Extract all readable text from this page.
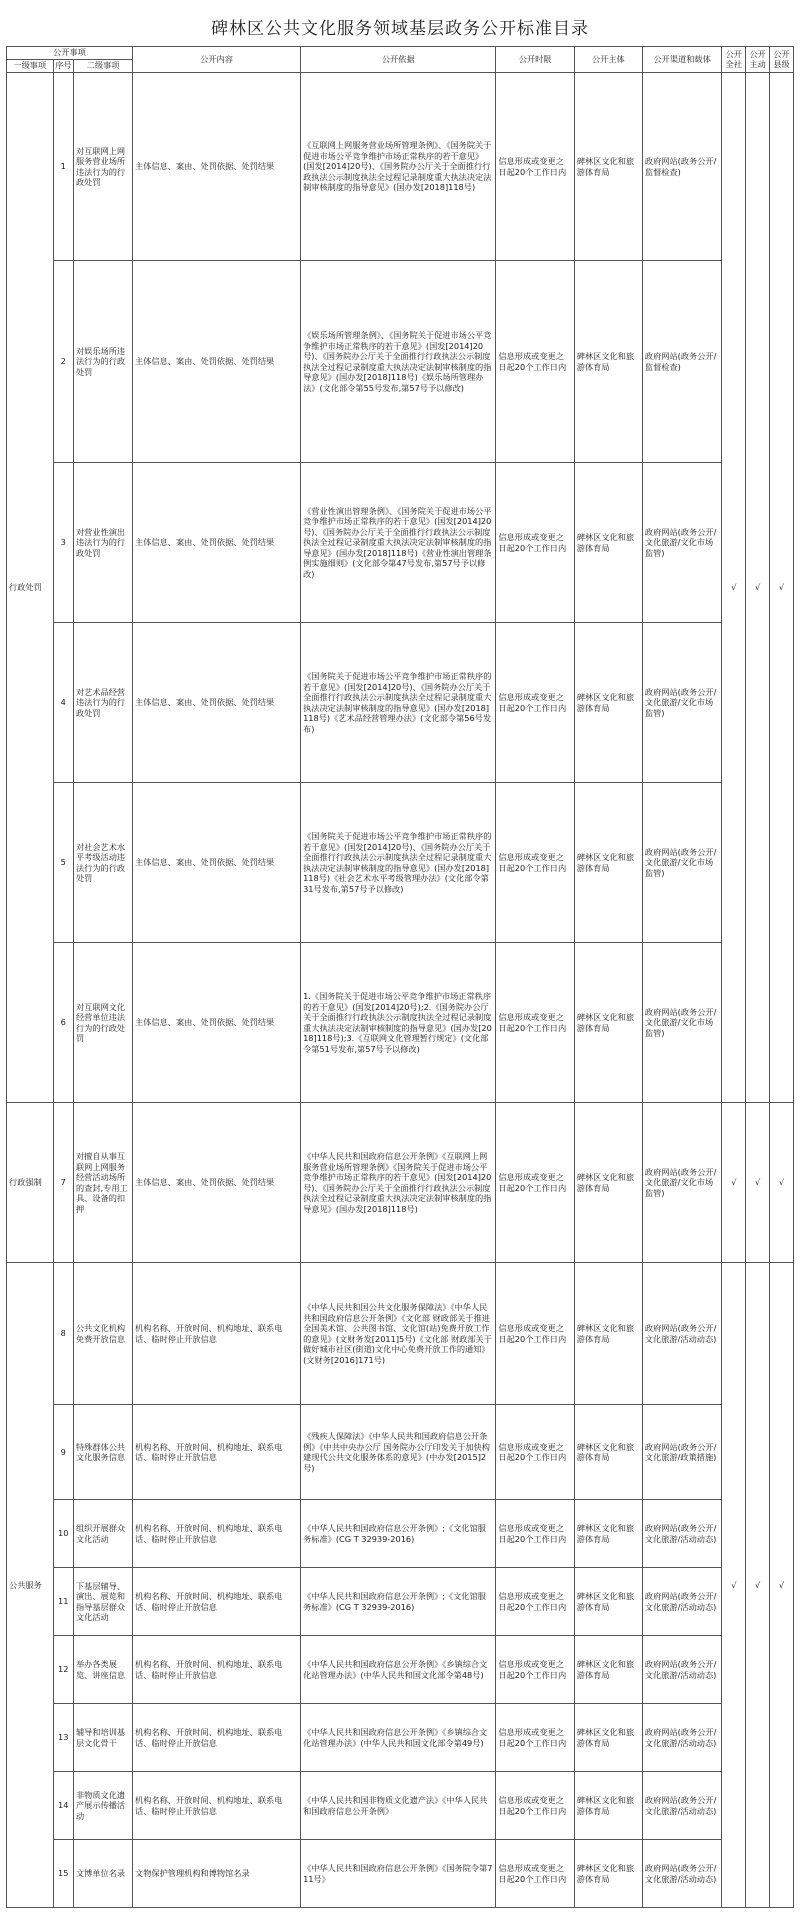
碑林区公共文化服务领域基层政务公开标准目录
公开事项			公开内容	公开依据	公开时限	公开主体	公开渠道和载体	公开全社	公开主动	公开县级
一级事项	序号	二级事项								
行政处罚	1	对互联网上网服务营业场所违法行为的行政处罚	主体信息、案由、处罚依据、处罚结果	《互联网上网服务营业场所管理条例》、《国务院关于促进市场公平竞争维护市场正常秩序的若干意见》(国发[2014]20号)、《国务院办公厅关于全面推行行政执法公示制度执法全过程记录制度重大执法决定法制审核制度的指导意见》(国办发[2018]118号)	信息形成或变更之日起20个工作日内	碑林区文化和旅游体育局	政府网站(政务公开/监督检查)	√	√	√
	2	对娱乐场所违法行为的行政处罚	主体信息、案由、处罚依据、处罚结果	《娱乐场所管理条例》、《国务院关于促进市场公平竞争维护市场正常秩序的若干意见》(国发[2014]20号)、《国务院办公厅关于全面推行行政执法公示制度执法全过程记录制度重大执法决定法制审核制度的指导意见》(国办发[2018]118号)《娱乐场所管理办法》(文化部令第55号发布,第57号予以修改)	信息形成或变更之日起20个工作日内	碑林区文化和旅游体育局	政府网站(政务公开/监督检查)			
	3	对营业性演出违法行为的行政处罚	主体信息、案由、处罚依据、处罚结果	《营业性演出管理条例》、《国务院关于促进市场公平竞争维护市场正常秩序的若干意见》(国发[2014]20号)、《国务院办公厅关于全面推行行政执法公示制度执法全过程记录制度重大执法决定法制审核制度的指导意见》(国办发[2018]118号)《营业性演出管理条例实施细则》(文化部令第47号发布,第57号予以修改)	信息形成或变更之日起20个工作日内	碑林区文化和旅游体育局	政府网站(政务公开/文化旅游/文化市场监管)			
	4	对艺术品经营违法行为的行政处罚	主体信息、案由、处罚依据、处罚结果	《国务院关于促进市场公平竞争维护市场正常秩序的若干意见》(国发[2014]20号)、《国务院办公厅关于全面推行行政执法公示制度执法全过程记录制度重大执法决定法制审核制度的指导意见》(国办发[2018]118号)《艺术品经营管理办法》(文化部令第56号发布)	信息形成或变更之日起20个工作日内	碑林区文化和旅游体育局	政府网站(政务公开/文化旅游/文化市场监管)			
	5	对社会艺术水平考级活动违法行为的行政处罚	主体信息、案由、处罚依据、处罚结果	《国务院关于促进市场公平竞争维护市场正常秩序的若干意见》(国发[2014]20号)、《国务院办公厅关于全面推行行政执法公示制度执法全过程记录制度重大执法决定法制审核制度的指导意见》(国办发[2018]118号)《社会艺术水平考级管理办法》(文化部令第31号发布,第57号予以修改)	信息形成或变更之日起20个工作日内	碑林区文化和旅游体育局	政府网站(政务公开/文化旅游/文化市场监管)			
	6	对互联网文化经营单位违法行为的行政处罚	主体信息、案由、处罚依据、处罚结果	1.《国务院关于促进市场公平竞争维护市场正常秩序的若干意见》(国发[2014]20号);2.《国务院办公厅关于全面推行行政执法公示制度执法全过程记录制度重大执法决定法制审核制度的指导意见》(国办发[2018]118号);3.《互联网文化管理暂行规定》(文化部令第51号发布,第57号予以修改)	信息形成或变更之日起20个工作日内	碑林区文化和旅游体育局	政府网站(政务公开/文化旅游/文化市场监管)			
行政强制	7	对擅自从事互联网上网服务经营活动场所的查封,专用工具、设备的扣押	主体信息、案由、处罚依据、处罚结果	《中华人民共和国政府信息公开条例》《互联网上网服务营业场所管理条例》《国务院关于促进市场公平竞争维护市场正常秩序的若干意见》(国发[2014]20号)、《国务院办公厅关于全面推行行政执法公示制度执法全过程记录制度重大执法决定法制审核制度的指导意见》(国办发[2018]118号)	信息形成或变更之日起20个工作日内	碑林区文化和旅游体育局	政府网站(政务公开/文化旅游/文化市场监管)	√	√	√
公共服务	8	公共文化机构免费开放信息	机构名称、开放时间、机构地址、联系电话、临时停止开放信息	《中华人民共和国公共文化服务保障法》《中华人民共和国政府信息公开条例》《文化部 财政部关于推进全国美术馆、公共图书馆、文化馆(站)免费开放工作的意见》(文财务发[2011]5号)《文化部 财政部关于做好城市社区(街道)文化中心免费开放工作的通知》(文财务[2016]171号)	信息形成或变更之日起20个工作日内	碑林区文化和旅游体育局	政府网站(政务公开/文化旅游/活动动态)	√	√	√
	9	特殊群体公共文化服务信息	机构名称、开放时间、机构地址、联系电话、临时停止开放信息	《残疾人保障法》《中华人民共和国政府信息公开条例》《中共中央办公厅 国务院办公厅印发关于加快构建现代公共文化服务体系的意见》(中办发[2015]2号)	信息形成或变更之日起20个工作日内	碑林区文化和旅游体育局	政府网站(政务公开/文化旅游/政策措施)			
	10	组织开展群众文化活动	机构名称、开放时间、机构地址、联系电话、临时停止开放信息	《中华人民共和国政府信息公开条例》;《文化馆服务标准》(CG T 32939-2016)	信息形成或变更之日起20个工作日内	碑林区文化和旅游体育局	政府网站(政务公开/文化旅游/活动动态)			
	11	下基层辅导、演出、展览和指导基层群众文化活动	机构名称、开放时间、机构地址、联系电话、临时停止开放信息	《中华人民共和国政府信息公开条例》;《文化馆服务标准》(CG T 32939-2016)	信息形成或变更之日起20个工作日内	碑林区文化和旅游体育局	政府网站(政务公开/文化旅游/活动动态)			
	12	举办各类展览、讲座信息	机构名称、开放时间、机构地址、联系电话、临时停止开放信息	《中华人民共和国政府信息公开条例》《乡镇综合文化站管理办法》(中华人民共和国文化部令第48号)	信息形成或变更之日起20个工作日内	碑林区文化和旅游体育局	政府网站(政务公开/文化旅游/活动动态)			
	13	辅导和培训基层文化骨干	机构名称、开放时间、机构地址、联系电话、临时停止开放信息	《中华人民共和国政府信息公开条例》《乡镇综合文化站管理办法》(中华人民共和国文化部令第49号)	信息形成或变更之日起20个工作日内	碑林区文化和旅游体育局	政府网站(政务公开/文化旅游/活动动态)			
	14	非物质文化遗产展示传播活动	机构名称、开放时间、机构地址、联系电话、临时停止开放信息	《中华人民共和国非物质文化遗产法》《中华人民共和国政府信息公开条例》	信息形成或变更之日起20个工作日内	碑林区文化和旅游体育局	政府网站(政务公开/文化旅游/活动动态)			
	15	文博单位名录	文物保护管理机构和博物馆名录	《中华人民共和国政府信息公开条例》《国务院令第711号》	信息形成或变更之日起20个工作日内	碑林区文化和旅游体育局	政府网站(政务公开/文化旅游/活动动态)			
